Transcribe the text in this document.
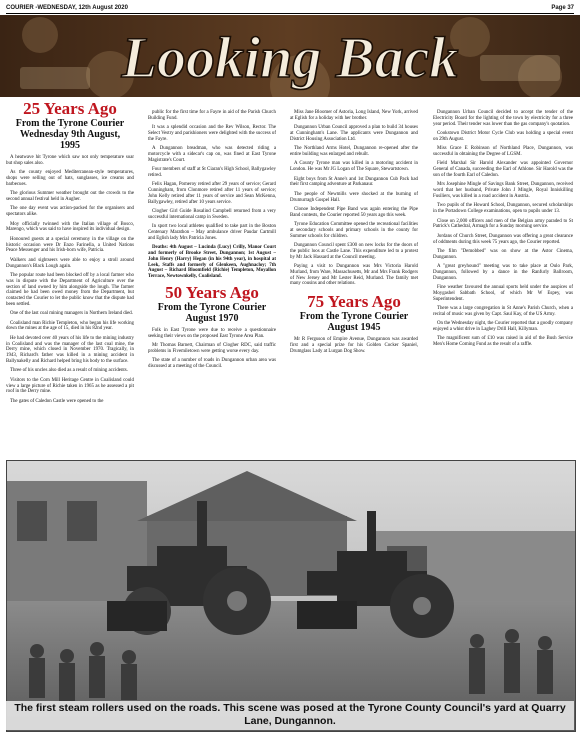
COURIER -WEDNESDAY, 12th August 2020	Page 37
Looking Back
25 Years Ago
From the Tyrone Courier
Wednesday 9th August,
1995

A heatwave hit Tyrone which saw not only temperature soar but shop sales also.

As the county enjoyed Mediterranean-style temperatures, shops were selling out of hats, sunglasses, ice creams and barbecues.

The glorious Summer weather brought out the crowds to the second annual festival held in Augher.

The one day event was action-packed for the organisers and spectators alike.

Moy officially twinned with the Italian village of Bosco, Marengo, which was said to have inspired its individual design.

Honoured guests at a special ceremony in the village on the historic occasion were Dr Enzo Farinella, a United Nations Peace Messenger and his Irish-born wife, Patricia.

Walkers and sightseers were able to enjoy a stroll around Dungannon's Black Lough again.

The popular route had been blocked off by a local farmer who was in dispute with the Department of Agriculture over the section of land owned by him alongside the lough. The farmer claimed he had been owed money from the Department, but contacted the Courier to let the public know that the dispute had been settled.

One of the last coal mining managers in Northern Ireland died.

Coalisland man Richie Templeton, who began his life working down the mines at the age of 15, died in his 82nd year.

He had devoted over 40 years of his life to the mining industry in Coalisland and was the manager of the last coal mine, the Derry mine, which closed in November 1970. Tragically, in 1943, Richard's father was killed in a mining accident in Ballynakelly and Richard helped bring his body to the surface.

Three of his uncles also died as a result of mining accidents.

Visitors to the Corn Mill Heritage Centre in Coalisland could view a large picture of Richie taken in 1965 as he assessed a pit roof in the Derry mine.

The gates of Caledon Castle were opened to the

public for the first time for a Fayre in aid of the Parish Church Building Fund.

It was a splendid occasion and the Rev Wilson, Rector. The Select Vestry and parishioners were delighted with the success of the Fayre.

A Dungannon breadman, who was detected riding a motorcycle with a sidecar's cap on, was fined at East Tyrone Magistrate's Court.

Four members of staff at St Ciaran's High School, Ballygawley retired.

Felix Hagan, Pomeroy retired after 29 years of service; Gerard Cunningham, from Clonmore retired after 11 years of service; John Kelly retired after 11 years of service and Sean McKenna, Ballygawley, retired after 10 years service.

Clogher Girl Guide Rosalind Campbell returned from a very successful international camp in Sweden.

In sport two local athletes qualified to take part in the Boston Centenary Marathon – May ambulance driver Paudar Cartmill and Eglish lady Mrs Patricia Jones.

Deaths: 4th August – Lucinda (Lucy) Crilly, Manor Court and formerly of Brooke Street, Dungannon; 1st August – John Henry (Harry) Hegan (in his 94th year), in hospital at Leek, Staffs and formerly of Glenkeen, Aughnacloy; 7th August – Richard Bloomfield (Richie) Templeton, Moyallon Terrace, Newtownkelly, Coalisland.

50 Years Ago
From the Tyrone Courier
August 1970

Folk in East Tyrone were due to receive a questionnaire seeking their views on the proposed East Tyrone Area Plan.

Mr Thomas Barnett, Chairman of Clogher RDC, said traffic problems in Fivemiletown were getting worse every day.

The state of a number of roads in Dungannon urban area was discussed at a meeting of the Council.

Miss Jane Bloomer of Astoria, Long Island, New York, arrived at Eglish for a holiday with her brother.

Dungannon Urban Council approved a plan to build 34 houses at Cunningham's Lane. The applicants were Dungannon and District Housing Association Ltd.

The Northland Arms Hotel, Dungannon re-opened after the entire building was enlarged and rebuilt.

A County Tyrone man was killed in a motoring accident in London. He was Mr JG Logan of The Square, Stewartstown.

Eight boys from St Anne's and 1st Dungannon Cub Pack had their first camping adventure at Parkanaur.

The people of Newmills were shocked at the burning of Drumurragh Gospel Hall.

Clonoe Independent Pipe Band was again entering the Pipe Band contests, the Courier reported 50 years ago this week.

Tyrone Education Committee opened the recreational facilities at secondary schools and primary schools in the county for Summer schools for children.

Dungannon Council spent £300 on new locks for the doors of the public loos at Castle Lane. This expenditure led to a protest by Mr Jack Hassard at the Council meeting.

Paying a visit to Dungannon was Mrs Victoria Harold Murland, from Ware, Massachusetts, Mr and Mrs Frank Rodgers of New Jersey and Mr Lester Reid, Murland. The family met many cousins and other relations.

75 Years Ago
From the Tyrone Courier
August 1945

Mr R Ferguson of Empire Avenue, Dungannon was awarded first and a special prize for his Golden Cocker Spaniel, Drumglass Lady at Lurgan Dog Show.

Dungannon Urban Council decided to accept the tender of the Electricity Board for the lighting of the town by electricity for a three year period. Their tender was lower than the gas company's quotation.

Cookstown District Motor Cycle Club was holding a special event on 29th August.

Miss Grace E Robinson of Northland Place, Dungannon, was successful in obtaining the Degree of LGSM.

Field Marshal Sir Harold Alexander was appointed Governor General of Canada, succeeding the Earl of Athlone. Sir Harold was the son of the fourth Earl of Caledon.

Mrs Josephine Mingle of Savings Bank Street, Dungannon, received word that her husband, Private John J Mingle, Royal Inniskilling Fusiliers, was killed in a road accident in Austria.

Two pupils of the Howard School, Dungannon, secured scholarships in the Portadown College examinations, open to pupils under 13.

Close on 2,000 officers and men of the Belgian army paraded to St Patrick's Cathedral, Armagh for a Sunday morning service.

Jordans of Church Street, Dungannon was offering a great clearance of oddments during this week 75 years ago, the Courier reported.

The film "Demobbed" was on show at the Astor Cinema, Dungannon.

A "great greyhound" meeting was to take place at Oulo Park, Dungannon, followed by a dance in the Ranfurly Ballroom, Dungannon.

Fine weather favoured the annual sports held under the auspices of Moygashel Sabbath School, of which Mr W Espey, was Superintendent.

There was a large congregation in St Anne's Parish Church, when a recital of music was given by Capt. Saul Kay, of the US Army.

On the Wednesday night, the Courier reported that a goodly company enjoyed a whist drive in Laghey Drill Hall, Killyman.

The magnificent sum of £10 was raised in aid of the Bush Service Men's Home Coming Fund as the result of a raffle.

The first steam rollers used on the roads. This scene was posed at the Tyrone County Council's yard at Quarry Lane, Dungannon.
